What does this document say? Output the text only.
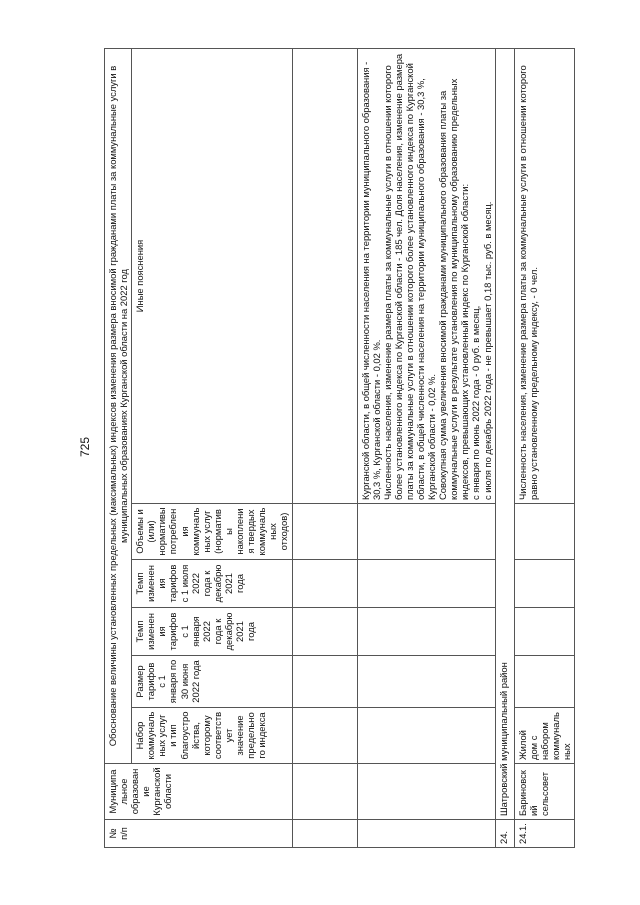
725
№
п/п	Муниципальное образование Курганской области	Обоснование величины установленных предельных (максимальных) индексов изменения размера вносимой гражданами платы за коммунальные услуги в муниципальных образованиях Курганской области на 2022 год					
		Набор коммунальных услуг и тип благоустройства, которому соответствует значение предельного индекса	Размер тарифов с 1 января по 30 июня 2022 года	Темп изменения тарифов с 1 января 2022 года к декабрю 2021 года	Темп изменения тарифов с 1 июля 2022 года к декабрю 2021 года	Объемы и (или) нормативы потребления коммунальных услуг (нормативы накопления твердых коммунальных отходов)	Иные пояснения

							Курганской области, в общей численности населения на территории муниципального образования - 30,3 %, Курганской области - 0,02 %.
Численность населения, изменение размера платы за коммунальные услуги в отношении которого более установленного индекса по Курганской области - 185 чел. Доля населения, изменение размера платы за коммунальные услуги в отношении которого более установленного индекса по Курганской области, в общей численности населения на территории муниципального образования - 30,3 %, Курганской области - 0,02 %.
Совокупная сумма увеличения вносимой гражданами муниципального образования платы за коммунальные услуги в результате установления по муниципальному образованию предельных индексов, превышающих установленный индекс по Курганской области:
с января по июнь 2022 года - 0 руб. в месяц,
с июля по декабрь 2022 года - не превышает 0,18 тыс. руб. в месяц.
24.	Шатровский муниципальный район						
24.1.	Бариновский сельсовет	Жилой дом с набором коммунальных					Численность населения, изменение размера платы за коммунальные услуги в отношении которого равно установленному предельному индексу, - 0 чел.
